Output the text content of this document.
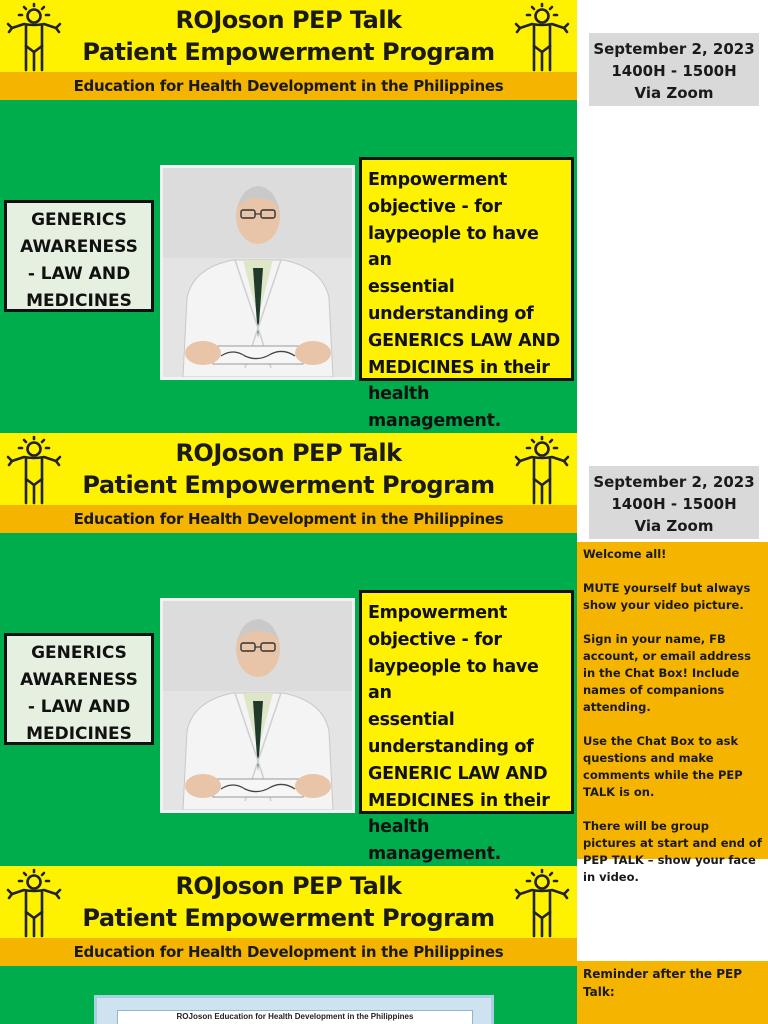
ROJoson PEP Talk
Patient Empowerment Program
Education for Health Development in the Philippines
GENERICS
AWARENESS
- LAW AND
MEDICINES
Empowerment
objective - for
laypeople to have an
essential
understanding of
GENERICS LAW AND
MEDICINES in their
health management.
ROJoson PEP Talk
Patient Empowerment Program
Education for Health Development in the Philippines
GENERICS
AWARENESS
- LAW AND
MEDICINES
Empowerment
objective - for
laypeople to have an
essential
understanding of
GENERIC LAW AND
MEDICINES in their
health management.
ROJoson PEP Talk
Patient Empowerment Program
Education for Health Development in the Philippines
ROJoson Education for Health Development in the Philippines
September 2, 2023
1400H - 1500H
Via Zoom
September 2, 2023
1400H - 1500H
Via Zoom

Welcome all!

MUTE yourself but always show your video picture.

Sign in your name, FB account, or email address in the Chat Box! Include names of companions attending.

Use the Chat Box to ask questions and make comments while the PEP TALK is on.

There will be group pictures at start and end of PEP TALK – show your face in video.

Reminder after the PEP Talk:
